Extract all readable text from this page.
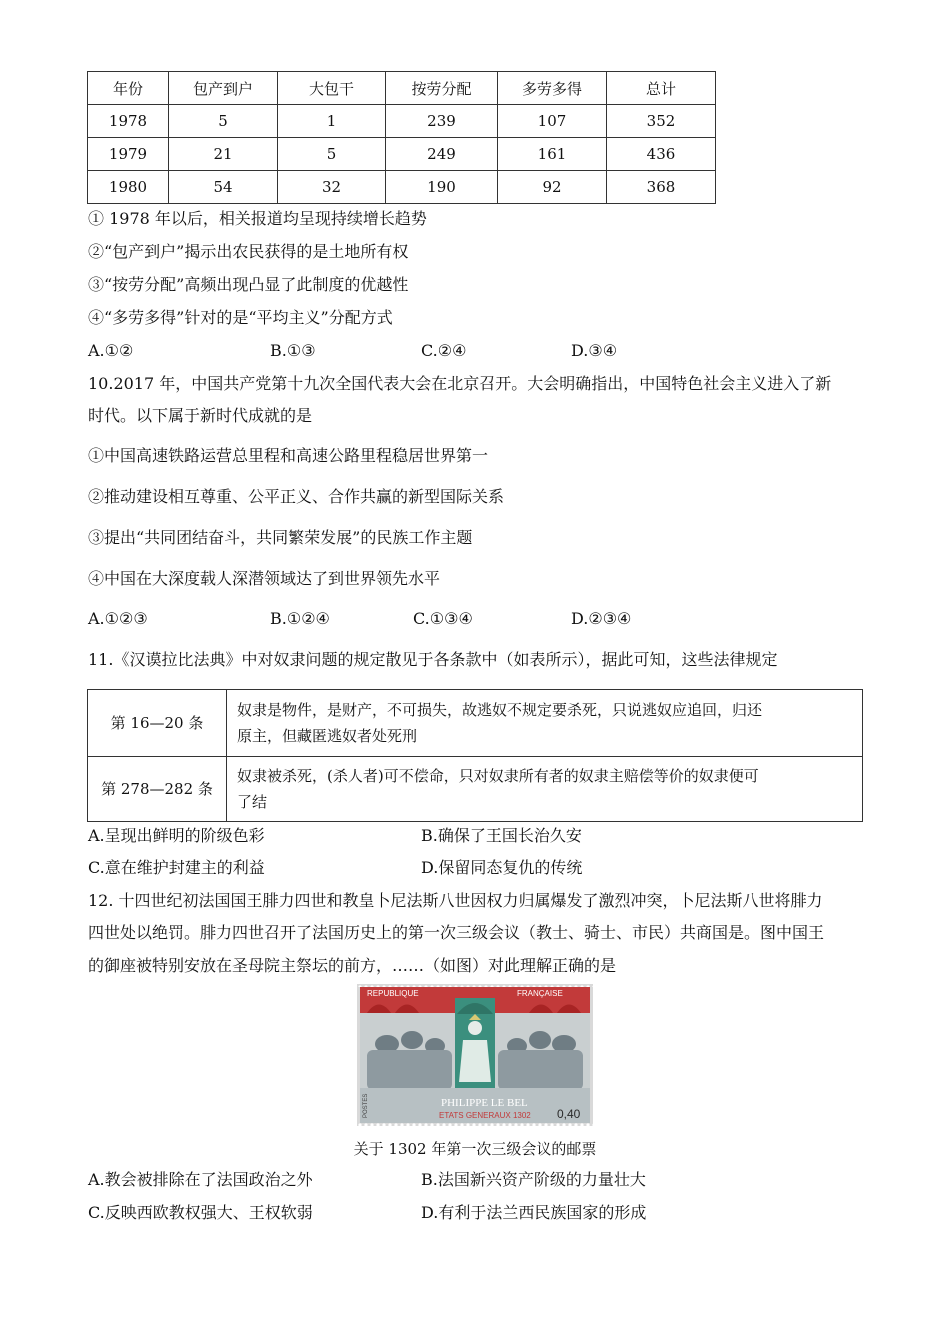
年份	包产到户	大包干	按劳分配	多劳多得	总计
1978	5	1	239	107	352
1979	21	5	249	161	436
1980	54	32	190	92	368
① 1978 年以后，相关报道均呈现持续增长趋势
②“包产到户”揭示出农民获得的是土地所有权
③“按劳分配”高频出现凸显了此制度的优越性
④“多劳多得”针对的是“平均主义”分配方式
A.①②	B.①③	C.②④	D.③④
10.2017 年，中国共产党第十九次全国代表大会在北京召开。大会明确指出，中国特色社会主义进入了新
时代。以下属于新时代成就的是
①中国高速铁路运营总里程和高速公路里程稳居世界第一
②推动建设相互尊重、公平正义、合作共赢的新型国际关系
③提出“共同团结奋斗，共同繁荣发展”的民族工作主题
④中国在大深度载人深潜领域达了到世界领先水平
A.①②③	B.①②④	C.①③④	D.②③④
11.《汉谟拉比法典》中对奴隶问题的规定散见于各条款中（如表所示），据此可知，这些法律规定
第 16—20 条	奴隶是物件，是财产，不可损失，故逃奴不规定要杀死，只说逃奴应追回，归还
原主，但藏匿逃奴者处死刑

第 278—282 条	奴隶被杀死，(杀人者)可不偿命，只对奴隶所有者的奴隶主赔偿等价的奴隶便可
了结
A.呈现出鲜明的阶级色彩	B.确保了王国长治久安
C.意在维护封建主的利益	D.保留同态复仇的传统
12. 十四世纪初法国国王腓力四世和教皇卜尼法斯八世因权力归属爆发了激烈冲突，卜尼法斯八世将腓力
四世处以绝罚。腓力四世召开了法国历史上的第一次三级会议（教士、骑士、市民）共商国是。图中国王
的御座被特别安放在圣母院主祭坛的前方，……（如图）对此理解正确的是
REPUBLIQUE	FRANÇAISE
PHILIPPE LE BEL
ETATS GENERAUX 1302 0,40
POSTES
关于 1302 年第一次三级会议的邮票
A.教会被排除在了法国政治之外	B.法国新兴资产阶级的力量壮大
C.反映西欧教权强大、王权软弱	D.有利于法兰西民族国家的形成
